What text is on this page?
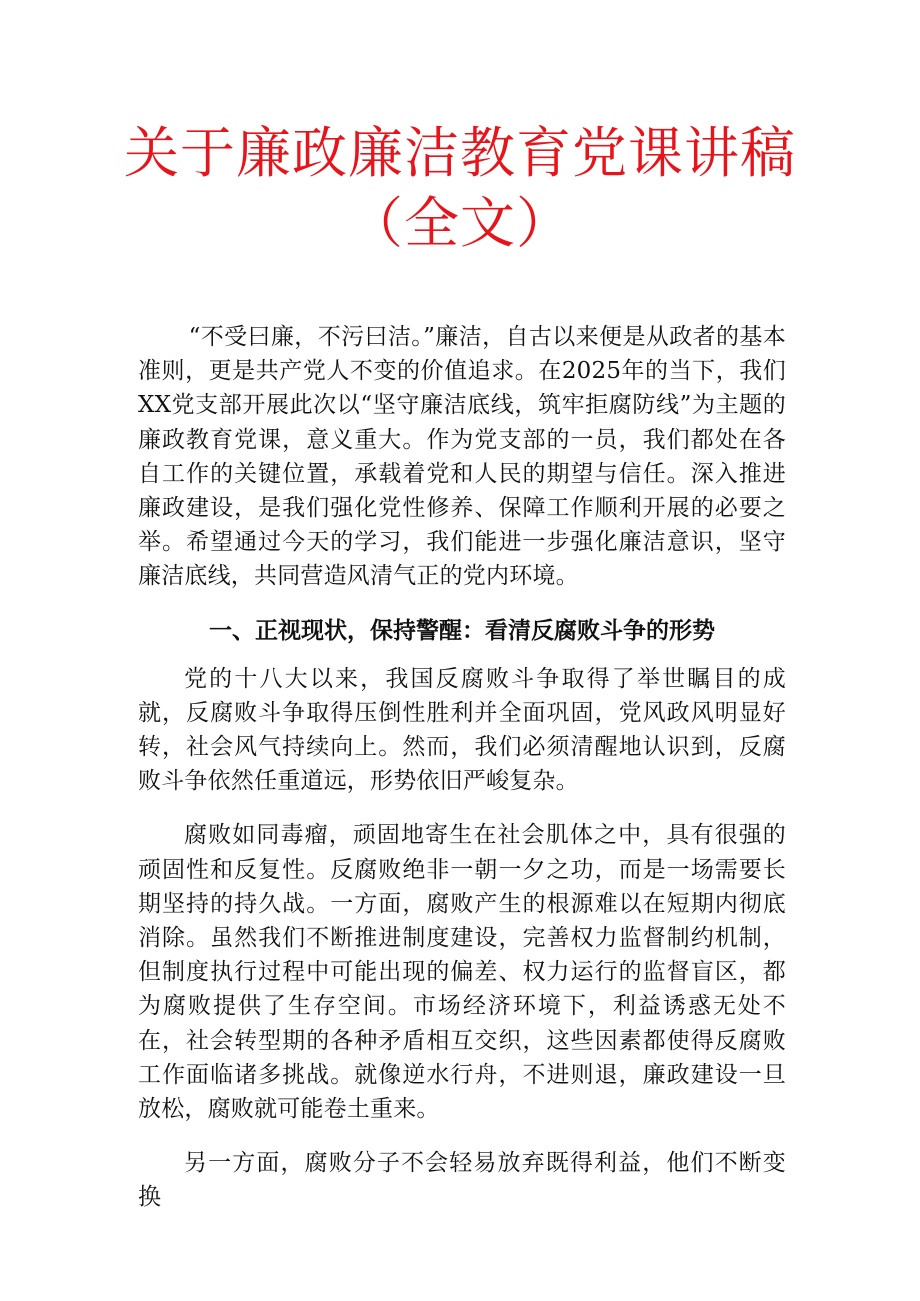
关于廉政廉洁教育党课讲稿（全文）

“不受曰廉，不污曰洁。”廉洁，自古以来便是从政者的基本准则，更是共产党人不变的价值追求。在2025年的当下，我们XX党支部开展此次以“坚守廉洁底线，筑牢拒腐防线”为主题的廉政教育党课，意义重大。作为党支部的一员，我们都处在各自工作的关键位置，承载着党和人民的期望与信任。深入推进廉政建设，是我们强化党性修养、保障工作顺利开展的必要之举。希望通过今天的学习，我们能进一步强化廉洁意识，坚守廉洁底线，共同营造风清气正的党内环境。

一、正视现状，保持警醒：看清反腐败斗争的形势

党的十八大以来，我国反腐败斗争取得了举世瞩目的成就，反腐败斗争取得压倒性胜利并全面巩固，党风政风明显好转，社会风气持续向上。然而，我们必须清醒地认识到，反腐败斗争依然任重道远，形势依旧严峻复杂。

腐败如同毒瘤，顽固地寄生在社会肌体之中，具有很强的顽固性和反复性。反腐败绝非一朝一夕之功，而是一场需要长期坚持的持久战。一方面，腐败产生的根源难以在短期内彻底消除。虽然我们不断推进制度建设，完善权力监督制约机制，但制度执行过程中可能出现的偏差、权力运行的监督盲区，都为腐败提供了生存空间。市场经济环境下，利益诱惑无处不在，社会转型期的各种矛盾相互交织，这些因素都使得反腐败工作面临诸多挑战。就像逆水行舟，不进则退，廉政建设一旦放松，腐败就可能卷土重来。

另一方面，腐败分子不会轻易放弃既得利益，他们不断变换
